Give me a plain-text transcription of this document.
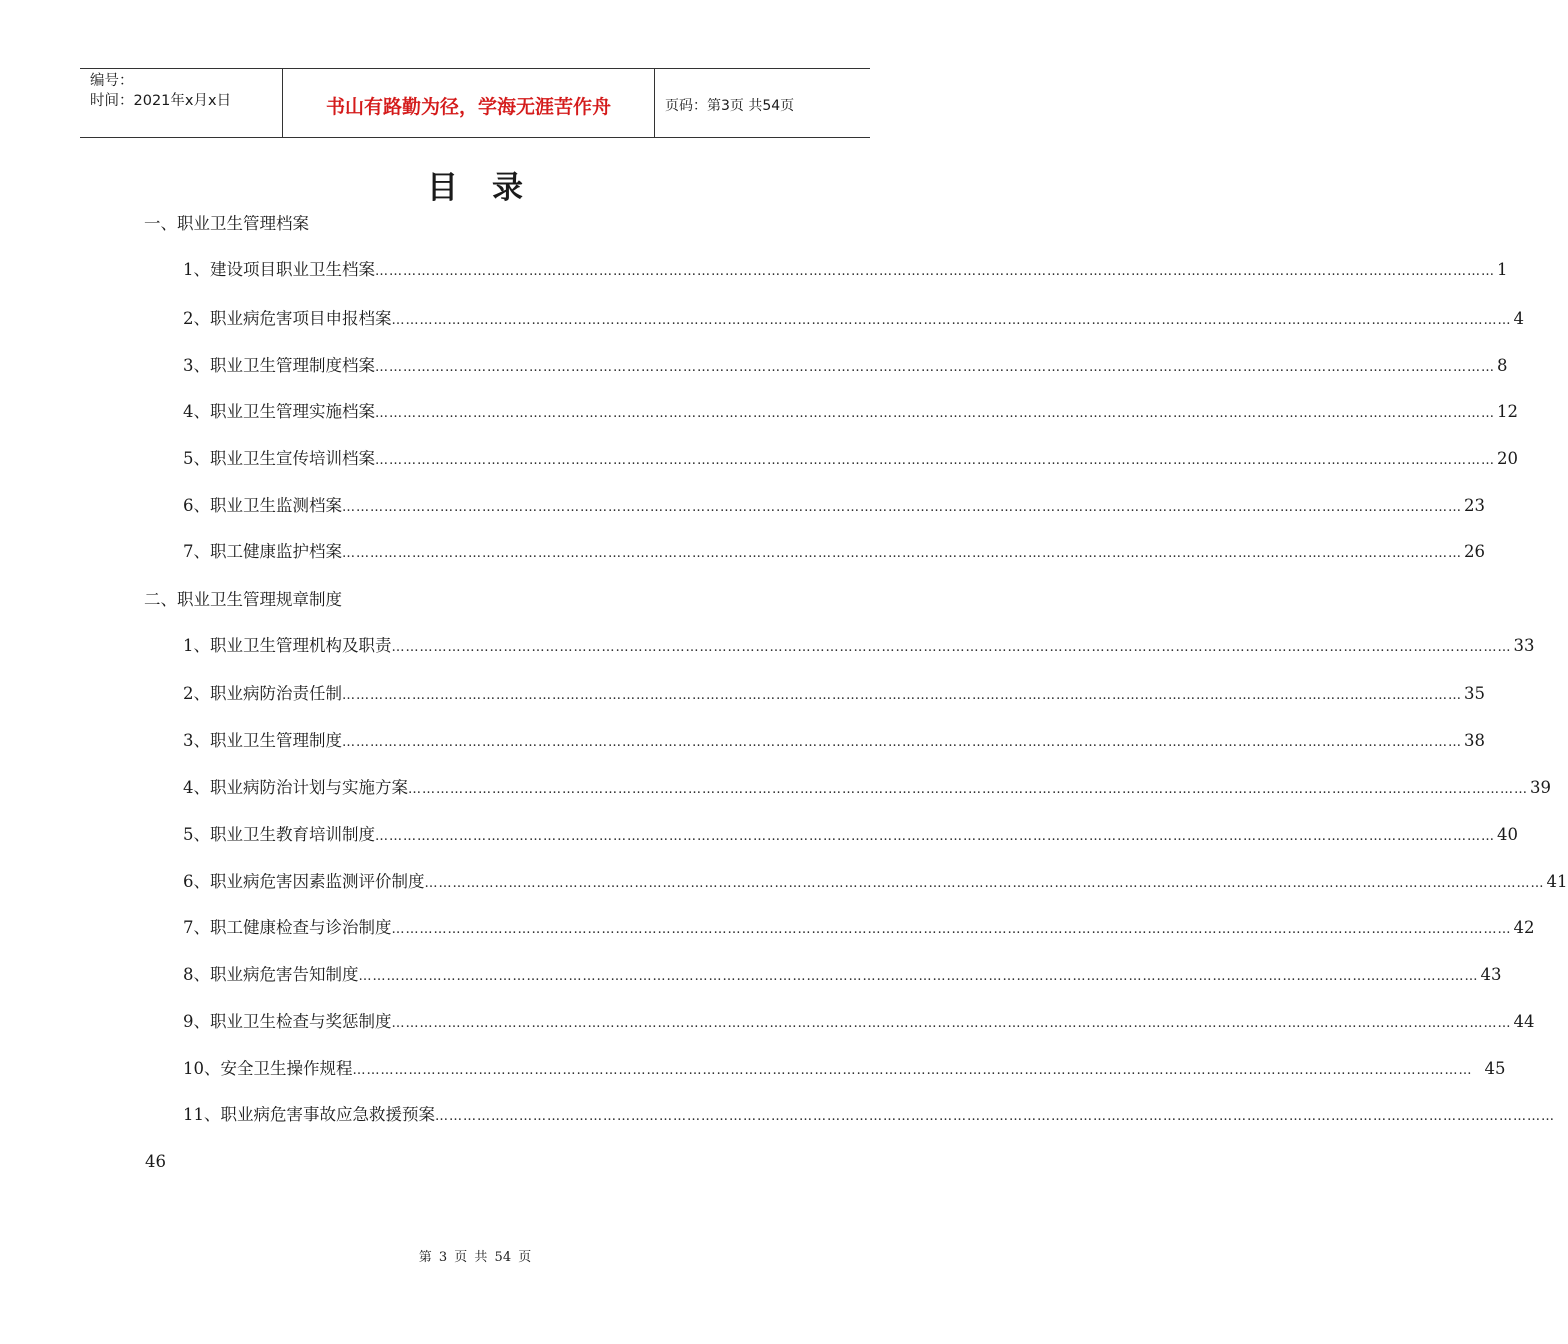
编号：
时间：2021年x月x日	书山有路勤为径，学海无涯苦作舟	页码：第3页 共54页
目录
一、职业卫生管理档案
1、建设项目职业卫生档案 …………………………………………………………………………………………………………………………………………………………………………………………………………………… 1
2、职业病危害项目申报档案 …………………………………………………………………………………………………………………………………………………………………………………………………………………… 4
3、职业卫生管理制度档案 …………………………………………………………………………………………………………………………………………………………………………………………………………………… 8
4、职业卫生管理实施档案 …………………………………………………………………………………………………………………………………………………………………………………………………………………… 12
5、职业卫生宣传培训档案 …………………………………………………………………………………………………………………………………………………………………………………………………………………… 20
6、职业卫生监测档案 …………………………………………………………………………………………………………………………………………………………………………………………………………………… 23
7、职工健康监护档案 …………………………………………………………………………………………………………………………………………………………………………………………………………………… 26
二、职业卫生管理规章制度
1、职业卫生管理机构及职责 …………………………………………………………………………………………………………………………………………………………………………………………………………………… 33
2、职业病防治责任制 …………………………………………………………………………………………………………………………………………………………………………………………………………………… 35
3、职业卫生管理制度 …………………………………………………………………………………………………………………………………………………………………………………………………………………… 38
4、职业病防治计划与实施方案 …………………………………………………………………………………………………………………………………………………………………………………………………………………… 39
5、职业卫生教育培训制度 …………………………………………………………………………………………………………………………………………………………………………………………………………………… 40
6、职业病危害因素监测评价制度 …………………………………………………………………………………………………………………………………………………………………………………………………………………… 41
7、职工健康检查与诊治制度 …………………………………………………………………………………………………………………………………………………………………………………………………………………… 42
8、职业病危害告知制度 …………………………………………………………………………………………………………………………………………………………………………………………………………………… 43
9、职业卫生检查与奖惩制度 …………………………………………………………………………………………………………………………………………………………………………………………………………………… 44
10、安全卫生操作规程 …………………………………………………………………………………………………………………………………………………………………………………………………………………… 45
11、职业病危害事故应急救援预案 ……………………………………………………………………………………………………………………………………………………………………………………………………………………
46
第 3 页 共 54 页
